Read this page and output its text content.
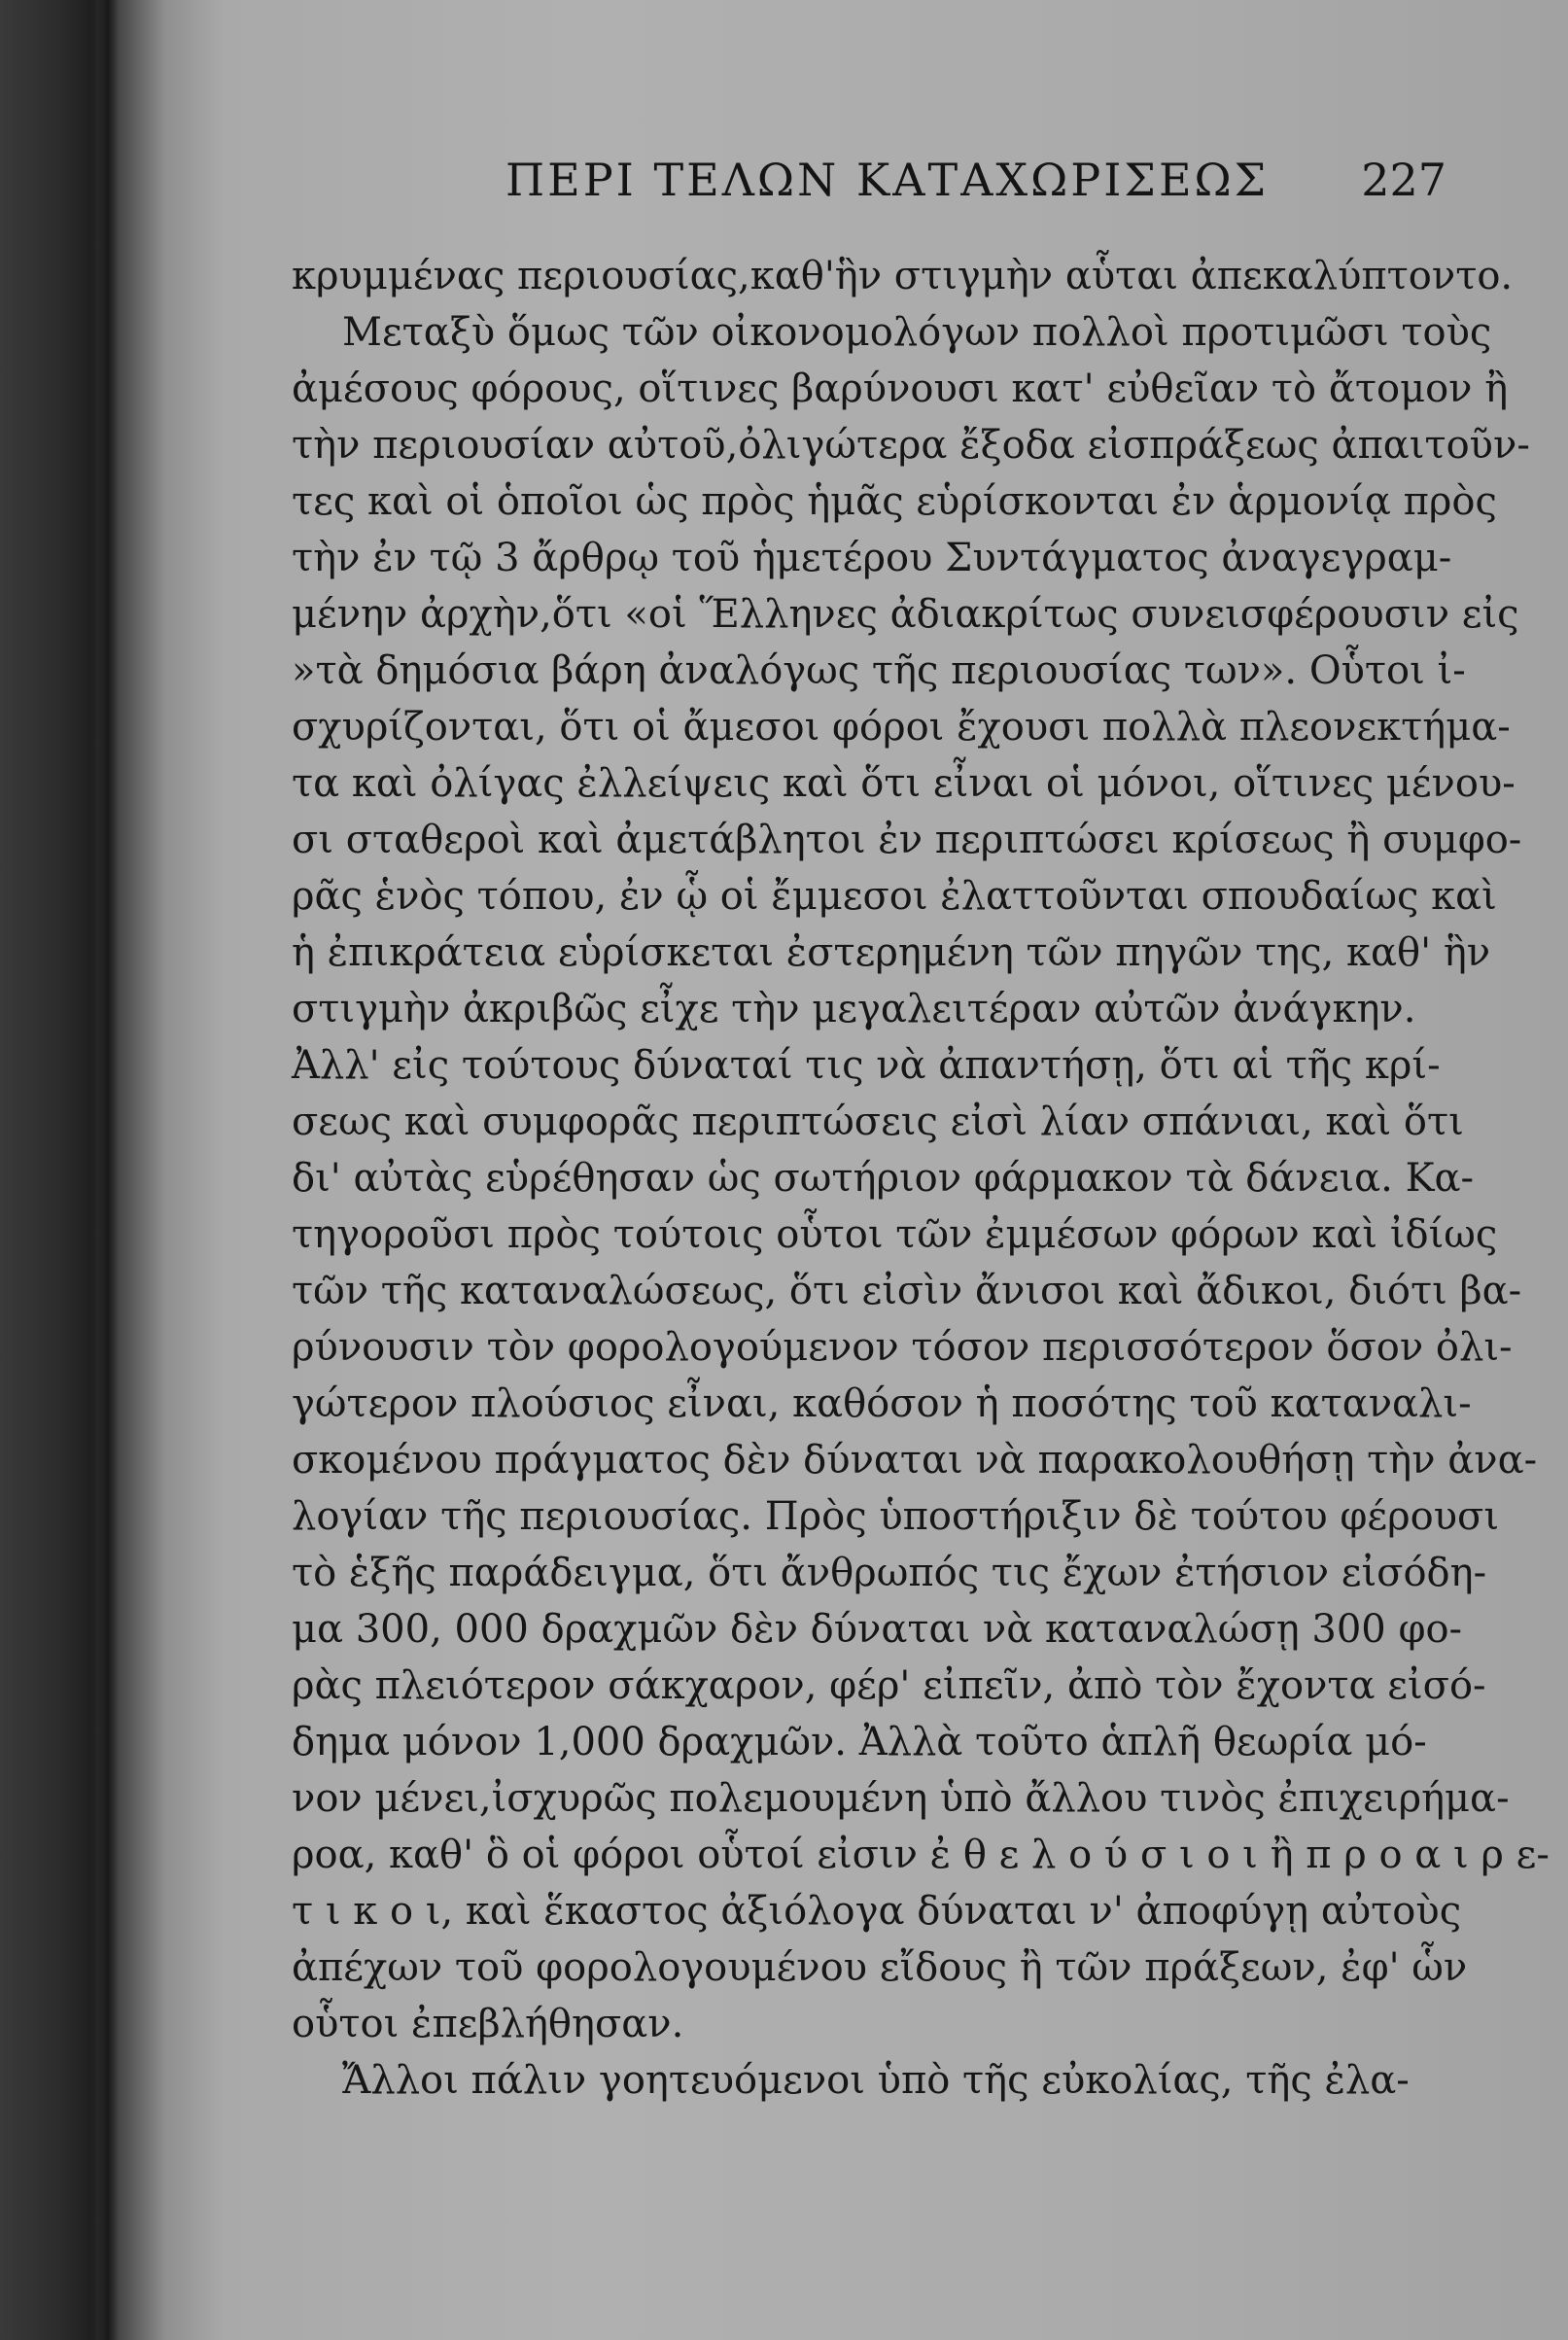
ΠΕΡΙ ΤΕΛΩΝ ΚΑΤΑΧΩΡΙΣΕΩΣ 227
κρυμμένας περιουσίας,καθ'ἣν στιγμὴν αὗται ἀπεκαλύπτοντο.
Μεταξὺ ὅμως τῶν οἰκονομολόγων πολλοὶ προτιμῶσι τοὺς
ἀμέσους φόρους, οἵτινες βαρύνουσι κατ' εὐθεῖαν τὸ ἄτομον ἢ
τὴν περιουσίαν αὐτοῦ,ὀλιγώτερα ἔξοδα εἰσπράξεως ἀπαιτοῦν-
τες καὶ οἱ ὁποῖοι ὡς πρὸς ἡμᾶς εὑρίσκονται ἐν ἁρμονίᾳ πρὸς
τὴν ἐν τῷ 3 ἄρθρῳ τοῦ ἡμετέρου Συντάγματος ἀναγεγραμ-
μένην ἀρχὴν,ὅτι «οἱ Ἕλληνες ἀδιακρίτως συνεισφέρουσιν εἰς
»τὰ δημόσια βάρη ἀναλόγως τῆς περιουσίας των». Οὗτοι ἰ-
σχυρίζονται, ὅτι οἱ ἄμεσοι φόροι ἔχουσι πολλὰ πλεονεκτήμα-
τα καὶ ὀλίγας ἐλλείψεις καὶ ὅτι εἶναι οἱ μόνοι, οἵτινες μένου-
σι σταθεροὶ καὶ ἀμετάβλητοι ἐν περιπτώσει κρίσεως ἢ συμφο-
ρᾶς ἑνὸς τόπου, ἐν ᾧ οἱ ἔμμεσοι ἐλαττοῦνται σπουδαίως καὶ
ἡ ἐπικράτεια εὑρίσκεται ἐστερημένη τῶν πηγῶν της, καθ' ἣν
στιγμὴν ἀκριβῶς εἶχε τὴν μεγαλειτέραν αὐτῶν ἀνάγκην.
Ἀλλ' εἰς τούτους δύναταί τις νὰ ἀπαντήσῃ, ὅτι αἱ τῆς κρί-
σεως καὶ συμφορᾶς περιπτώσεις εἰσὶ λίαν σπάνιαι, καὶ ὅτι
δι' αὐτὰς εὑρέθησαν ὡς σωτήριον φάρμακον τὰ δάνεια. Κα-
τηγοροῦσι πρὸς τούτοις οὗτοι τῶν ἐμμέσων φόρων καὶ ἰδίως
τῶν τῆς καταναλώσεως, ὅτι εἰσὶν ἄνισοι καὶ ἄδικοι, διότι βα-
ρύνουσιν τὸν φορολογούμενον τόσον περισσότερον ὅσον ὀλι-
γώτερον πλούσιος εἶναι, καθόσον ἡ ποσότης τοῦ καταναλι-
σκομένου πράγματος δὲν δύναται νὰ παρακολουθήσῃ τὴν ἀνα-
λογίαν τῆς περιουσίας. Πρὸς ὑποστήριξιν δὲ τούτου φέρουσι
τὸ ἑξῆς παράδειγμα, ὅτι ἄνθρωπός τις ἔχων ἐτήσιον εἰσόδη-
μα 300, 000 δραχμῶν δὲν δύναται νὰ καταναλώσῃ 300 φο-
ρὰς πλειότερον σάκχαρον, φέρ' εἰπεῖν, ἀπὸ τὸν ἔχοντα εἰσό-
δημα μόνον 1,000 δραχμῶν. Ἀλλὰ τοῦτο ἁπλῆ θεωρία μό-
νον μένει,ἰσχυρῶς πολεμουμένη ὑπὸ ἄλλου τινὸς ἐπιχειρήμα-
ρoα, καθ' ὃ οἱ φόροι οὗτοί εἰσιν ἐ θ ε λ ο ύ σ ι ο ι ἢ π ρ ο α ι ρ ε-
τ ι κ ο ι, καὶ ἕκαστος ἀξιόλογα δύναται ν' ἀποφύγῃ αὐτοὺς
ἀπέχων τοῦ φορολογουμένου εἴδους ἢ τῶν πράξεων, ἐφ' ὧν
οὗτοι ἐπεβλήθησαν.
Ἄλλοι πάλιν γοητευόμενοι ὑπὸ τῆς εὐκολίας, τῆς ἐλα-
